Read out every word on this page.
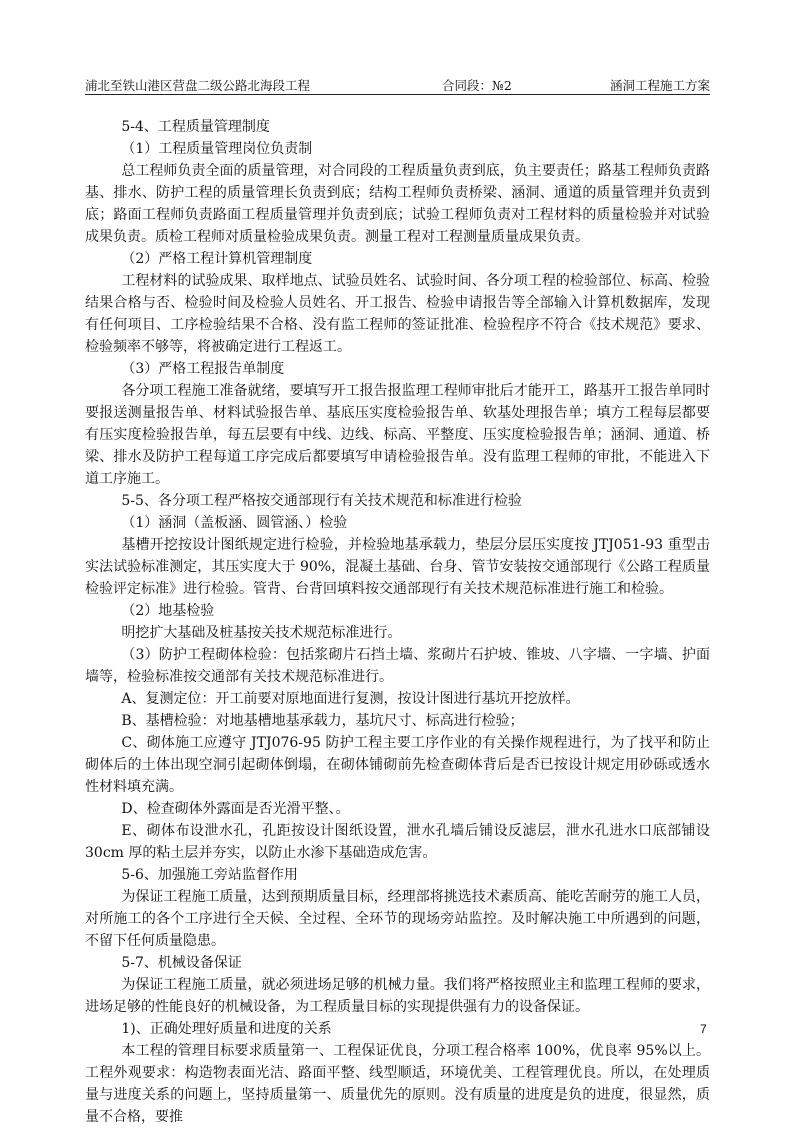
浦北至铁山港区营盘二级公路北海段工程	合同段：№2	涵洞工程施工方案

5-4、工程质量管理制度

（1）工程质量管理岗位负责制

总工程师负责全面的质量管理，对合同段的工程质量负责到底，负主要责任；路基工程师负责路基、排水、防护工程的质量管理长负责到底；结构工程师负责桥梁、涵洞、通道的质量管理并负责到底；路面工程师负责路面工程质量管理并负责到底；试验工程师负责对工程材料的质量检验并对试验成果负责。质检工程师对质量检验成果负责。测量工程对工程测量质量成果负责。

（2）严格工程计算机管理制度

工程材料的试验成果、取样地点、试验员姓名、试验时间、各分项工程的检验部位、标高、检验结果合格与否、检验时间及检验人员姓名、开工报告、检验申请报告等全部输入计算机数据库，发现有任何项目、工序检验结果不合格、没有监工程师的签证批准、检验程序不符合《技术规范》要求、检验频率不够等，将被确定进行工程返工。

（3）严格工程报告单制度

各分项工程施工准备就绪，要填写开工报告报监理工程师审批后才能开工，路基开工报告单同时要报送测量报告单、材料试验报告单、基底压实度检验报告单、软基处理报告单；填方工程每层都要有压实度检验报告单，每五层要有中线、边线、标高、平整度、压实度检验报告单；涵洞、通道、桥梁、排水及防护工程每道工序完成后都要填写申请检验报告单。没有监理工程师的审批，不能进入下道工序施工。

5-5、各分项工程严格按交通部现行有关技术规范和标准进行检验

（1）涵洞（盖板涵、圆管涵、）检验

基槽开挖按设计图纸规定进行检验，并检验地基承载力，垫层分层压实度按 JTJ051-93 重型击实法试验标准测定，其压实度大于 90%，混凝土基础、台身、管节安装按交通部现行《公路工程质量检验评定标准》进行检验。管背、台背回填料按交通部现行有关技术规范标准进行施工和检验。

（2）地基检验

明挖扩大基础及桩基按关技术规范标准进行。

（3）防护工程砌体检验：包括浆砌片石挡土墙、浆砌片石护坡、锥坡、八字墙、一字墙、护面墙等，检验标准按交通部有关技术规范标准进行。

A、复测定位：开工前要对原地面进行复测，按设计图进行基坑开挖放样。

B、基槽检验：对地基槽地基承载力，基坑尺寸、标高进行检验；

C、砌体施工应遵守 JTJ076-95 防护工程主要工序作业的有关操作规程进行，为了找平和防止砌体后的土体出现空洞引起砌体倒塌，在砌体铺砌前先检查砌体背后是否已按设计规定用砂砾或透水性材料填充满。

D、检查砌体外露面是否光滑平整、。

E、砌体布设泄水孔，孔距按设计图纸设置，泄水孔墙后铺设反滤层，泄水孔进水口底部铺设 30cm 厚的粘土层并夯实，以防止水渗下基础造成危害。

5-6、加强施工旁站监督作用

为保证工程施工质量，达到预期质量目标，经理部将挑选技术素质高、能吃苦耐劳的施工人员，对所施工的各个工序进行全天候、全过程、全环节的现场旁站监控。及时解决施工中所遇到的问题，不留下任何质量隐患。

5-7、机械设备保证

为保证工程施工质量，就必须进场足够的机械力量。我们将严格按照业主和监理工程师的要求，进场足够的性能良好的机械设备，为工程质量目标的实现提供强有力的设备保证。

1)、正确处理好质量和进度的关系

本工程的管理目标要求质量第一、工程保证优良，分项工程合格率 100%，优良率 95%以上。工程外观要求：构造物表面光洁、路面平整、线型顺适，环境优美、工程管理优良。所以，在处理质量与进度关系的问题上，坚持质量第一、质量优先的原则。没有质量的进度是负的进度，很显然，质量不合格，要推

7
